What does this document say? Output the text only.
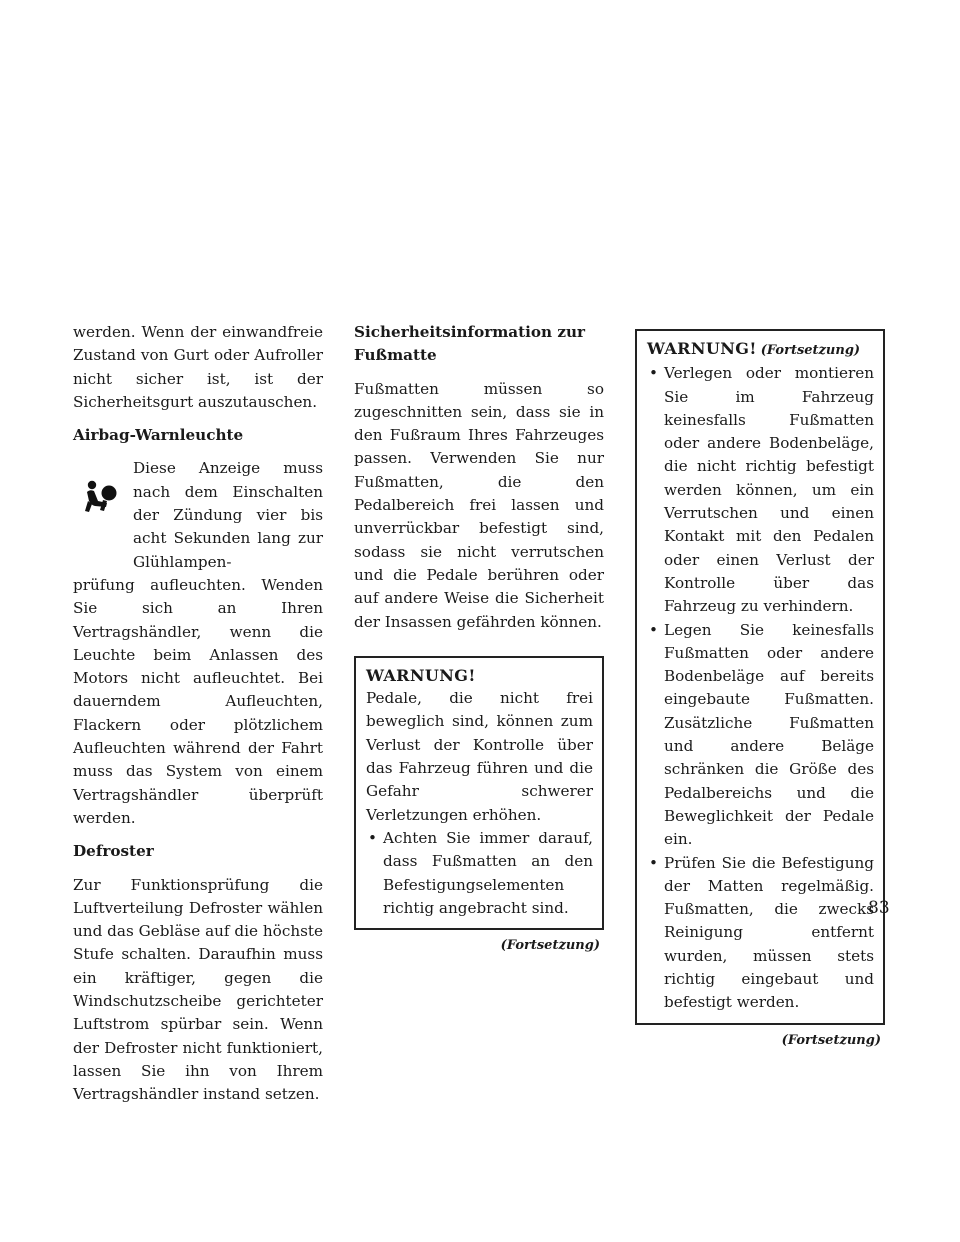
werden. Wenn der einwandfreie Zustand von Gurt oder Aufroller nicht sicher ist, ist der Sicherheitsgurt auszutauschen.

Airbag-Warnleuchte

Diese Anzeige muss nach dem Einschalten der Zündung vier bis acht Sekunden lang zur Glühlampen-

prüfung aufleuchten. Wenden Sie sich an Ihren Vertragshändler, wenn die Leuchte beim Anlassen des Motors nicht aufleuchtet. Bei dauerndem Aufleuchten, Flackern oder plötzlichem Aufleuchten während der Fahrt muss das System von einem Vertragshändler überprüft werden.

Defroster

Zur Funktionsprüfung die Luftverteilung Defroster wählen und das Gebläse auf die höchste Stufe schalten. Daraufhin muss ein kräftiger, gegen die Windschutzscheibe gerichteter Luftstrom spürbar sein. Wenn der Defroster nicht funktioniert, lassen Sie ihn von Ihrem Vertragshändler instand setzen.

Sicherheitsinformation zur Fußmatte

Fußmatten müssen so zugeschnitten sein, dass sie in den Fußraum Ihres Fahrzeuges passen. Verwenden Sie nur Fußmatten, die den Pedalbereich frei lassen und unverrückbar befestigt sind, sodass sie nicht verrutschen und die Pedale berühren oder auf andere Weise die Sicherheit der Insassen gefährden können.

WARNUNG!

Pedale, die nicht frei beweglich sind, können zum Verlust der Kontrolle über das Fahrzeug führen und die Gefahr schwerer Verletzungen erhöhen.

• Achten Sie immer darauf, dass Fußmatten an den Befestigungselementen richtig angebracht sind.

(Fortsetzung)

WARNUNG! (Fortsetzung)

• Verlegen oder montieren Sie im Fahrzeug keinesfalls Fußmatten oder andere Bodenbeläge, die nicht richtig befestigt werden können, um ein Verrutschen und einen Kontakt mit den Pedalen oder einen Verlust der Kontrolle über das Fahrzeug zu verhindern.

• Legen Sie keinesfalls Fußmatten oder andere Bodenbeläge auf bereits eingebaute Fußmatten. Zusätzliche Fußmatten und andere Beläge schränken die Größe des Pedalbereichs und die Beweglichkeit der Pedale ein.

• Prüfen Sie die Befestigung der Matten regelmäßig. Fußmatten, die zwecks Reinigung entfernt wurden, müssen stets richtig eingebaut und befestigt werden.

(Fortsetzung)
83
